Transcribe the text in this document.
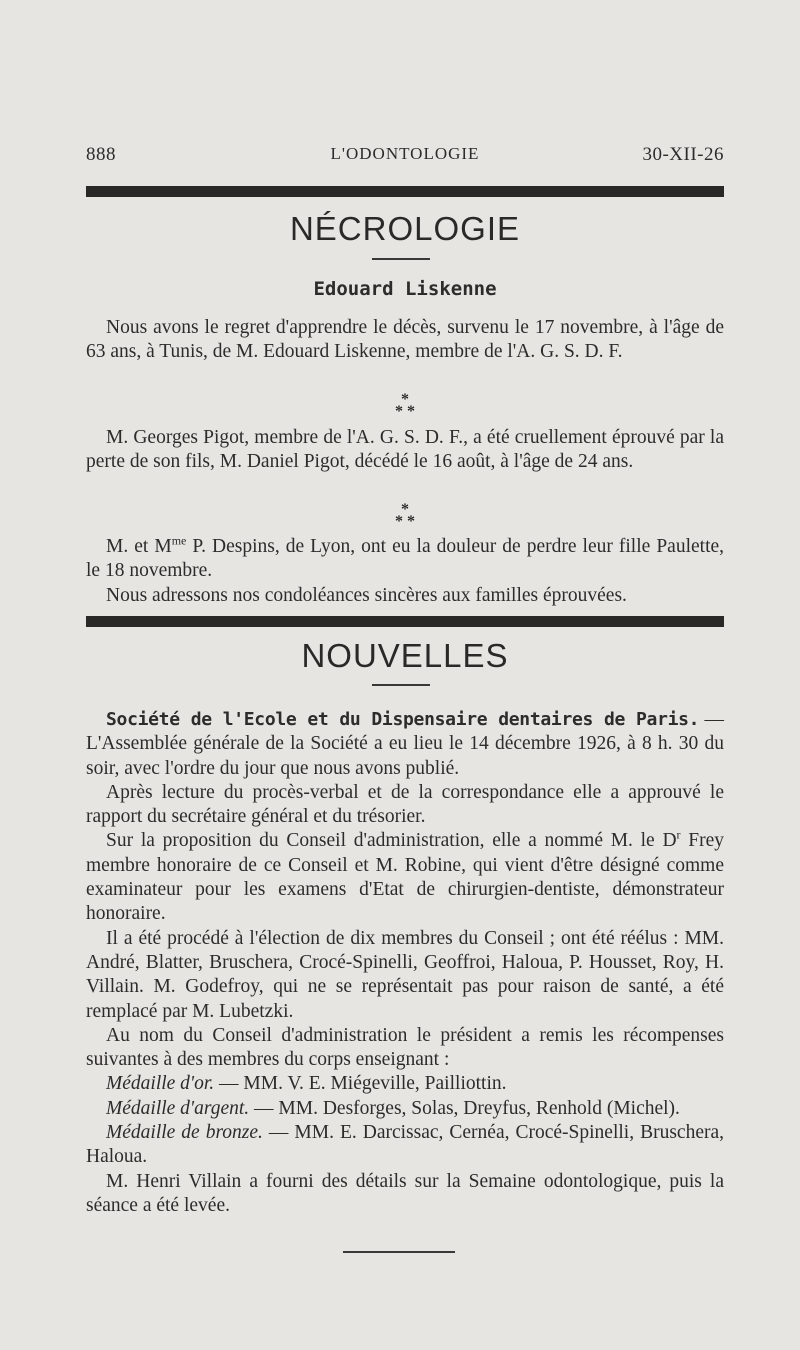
888	L'ODONTOLOGIE	30-XII-26
NÉCROLOGIE
Edouard Liskenne

Nous avons le regret d'apprendre le décès, survenu le 17 novembre, à l'âge de 63 ans, à Tunis, de M. Edouard Liskenne, membre de l'A. G. S. D. F.

*
* *

M. Georges Pigot, membre de l'A. G. S. D. F., a été cruellement éprouvé par la perte de son fils, M. Daniel Pigot, décédé le 16 août, à l'âge de 24 ans.

*
* *

M. et $M^{me}$ P. Despins, de Lyon, ont eu la douleur de perdre leur fille Paulette, le 18 novembre.

Nous adressons nos condoléances sincères aux familles éprouvées.

NOUVELLES

Société de l'Ecole et du Dispensaire dentaires de Paris. — L'Assemblée générale de la Société a eu lieu le 14 décembre 1926, à 8 h. 30 du soir, avec l'ordre du jour que nous avons publié.

Après lecture du procès-verbal et de la correspondance elle a approuvé le rapport du secrétaire général et du trésorier.

Sur la proposition du Conseil d'administration, elle a nommé M. le $D^r$ Frey membre honoraire de ce Conseil et M. Robine, qui vient d'être désigné comme examinateur pour les examens d'Etat de chirurgien-dentiste, démonstrateur honoraire.

Il a été procédé à l'élection de dix membres du Conseil ; ont été réélus : MM. André, Blatter, Bruschera, Crocé-Spinelli, Geoffroi, Haloua, P. Housset, Roy, H. Villain. M. Godefroy, qui ne se représentait pas pour raison de santé, a été remplacé par M. Lubetzki.

Au nom du Conseil d'administration le président a remis les récompenses suivantes à des membres du corps enseignant :

Médaille d'or. — MM. V. E. Miégeville, Pailliottin.

Médaille d'argent. — MM. Desforges, Solas, Dreyfus, Renhold (Michel).

Médaille de bronze. — MM. E. Darcissac, Cernéa, Crocé-Spinelli, Bruschera, Haloua.

M. Henri Villain a fourni des détails sur la Semaine odontologique, puis la séance a été levée.
